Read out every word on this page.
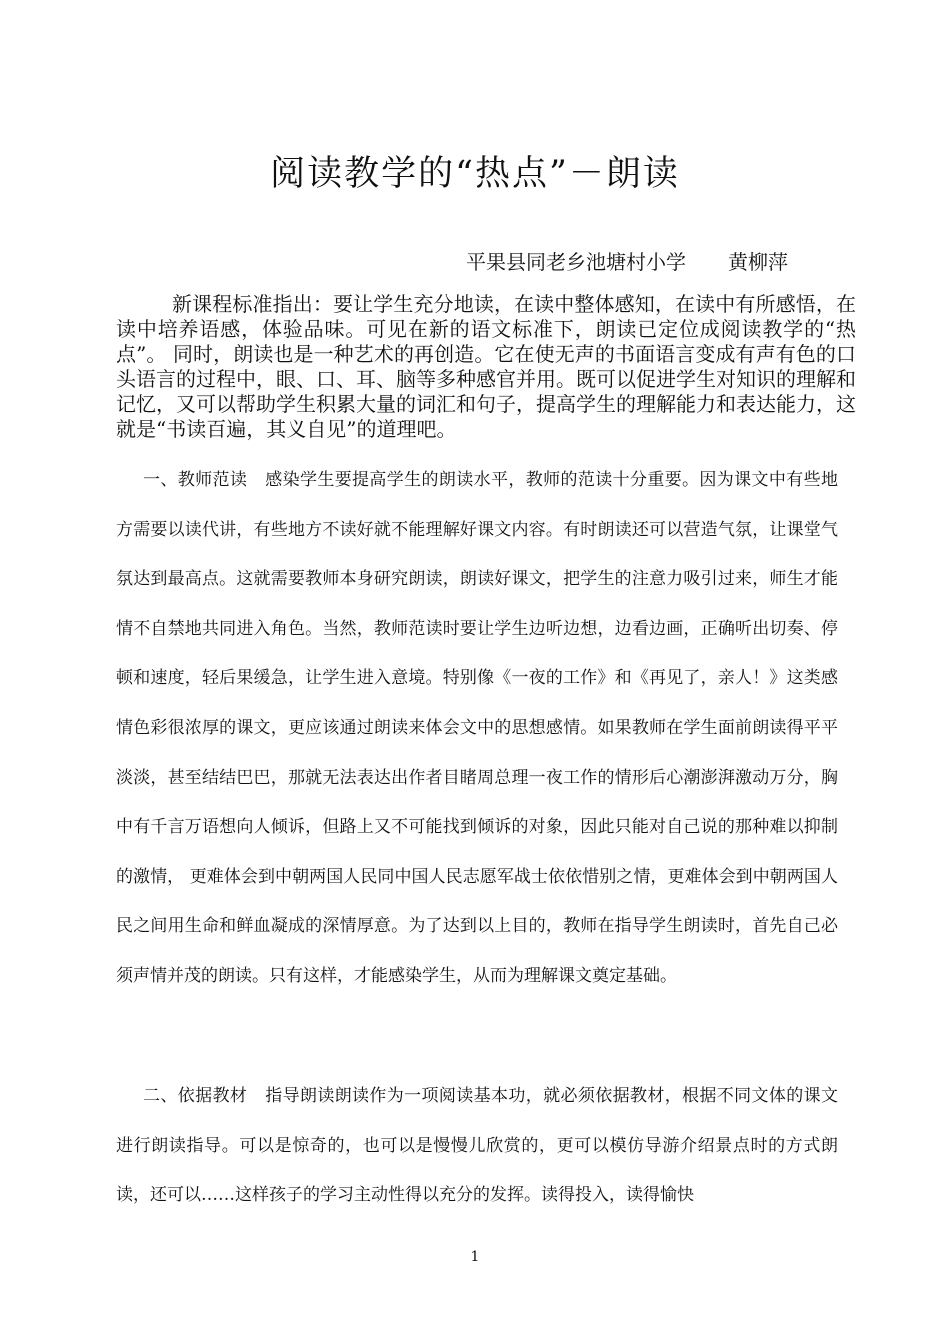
阅读教学的“热点”－朗读
平果县同老乡池塘村小学 黄柳萍

新课程标准指出：要让学生充分地读，在读中整体感知，在读中有所感悟，在读中培养语感，体验品味。可见在新的语文标准下，朗读已定位成阅读教学的“热点”。 同时，朗读也是一种艺术的再创造。它在使无声的书面语言变成有声有色的口头语言的过程中，眼、口、耳、脑等多种感官并用。既可以促进学生对知识的理解和记忆，又可以帮助学生积累大量的词汇和句子，提高学生的理解能力和表达能力，这就是“书读百遍，其义自见”的道理吧。

一、教师范读 感染学生要提高学生的朗读水平，教师的范读十分重要。因为课文中有些地方需要以读代讲，有些地方不读好就不能理解好课文内容。有时朗读还可以营造气氛，让课堂气氛达到最高点。这就需要教师本身研究朗读，朗读好课文，把学生的注意力吸引过来，师生才能情不自禁地共同进入角色。当然，教师范读时要让学生边听边想，边看边画，正确听出切奏、停顿和速度，轻后果缓急，让学生进入意境。特别像《一夜的工作》和《再见了，亲人！》这类感情色彩很浓厚的课文，更应该通过朗读来体会文中的思想感情。如果教师在学生面前朗读得平平淡淡，甚至结结巴巴，那就无法表达出作者目睹周总理一夜工作的情形后心潮澎湃激动万分，胸中有千言万语想向人倾诉，但路上又不可能找到倾诉的对象，因此只能对自己说的那种难以抑制的激情， 更难体会到中朝两国人民同中国人民志愿军战士依依惜别之情，更难体会到中朝两国人民之间用生命和鲜血凝成的深情厚意。为了达到以上目的，教师在指导学生朗读时，首先自己必须声情并茂的朗读。只有这样，才能感染学生，从而为理解课文奠定基础。

二、依据教材 指导朗读朗读作为一项阅读基本功，就必须依据教材，根据不同文体的课文进行朗读指导。可以是惊奇的，也可以是慢慢儿欣赏的，更可以模仿导游介绍景点时的方式朗读，还可以……这样孩子的学习主动性得以充分的发挥。读得投入，读得愉快

1
